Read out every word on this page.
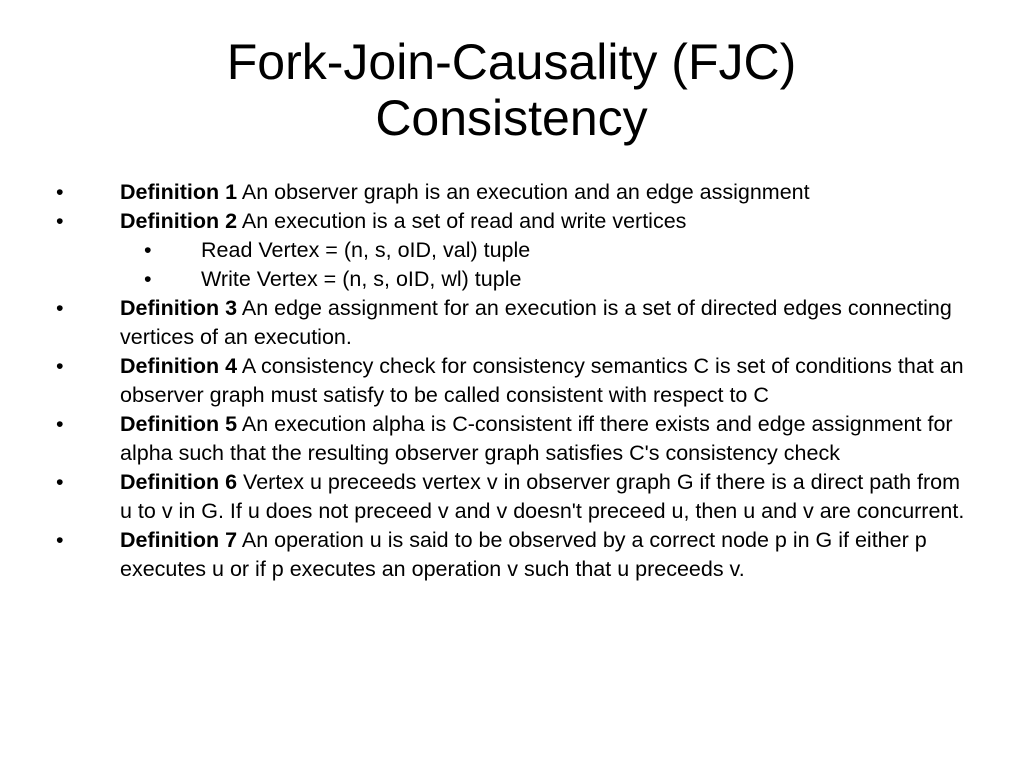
Fork-Join-Causality (FJC)
Consistency
•	Definition 1 An observer graph is an execution and an edge assignment
•	Definition 2 An execution is a set of read and write vertices
• Read Vertex = (n, s, oID, val) tuple
• Write Vertex = (n, s, oID, wl) tuple
•	Definition 3 An edge assignment for an execution is a set of directed edges connecting vertices of an execution.
•	Definition 4 A consistency check for consistency semantics C is set of conditions that an observer graph must satisfy to be called consistent with respect to C
•	Definition 5 An execution alpha is C-consistent iff there exists and edge assignment for alpha such that the resulting observer graph satisfies C's consistency check
•	Definition 6 Vertex u preceeds vertex v in observer graph G if there is a direct path from u to v in G. If u does not preceed v and v doesn't preceed u, then u and v are concurrent.
•	Definition 7 An operation u is said to be observed by a correct node p in G if either p executes u or if p executes an operation v such that u preceeds v.
